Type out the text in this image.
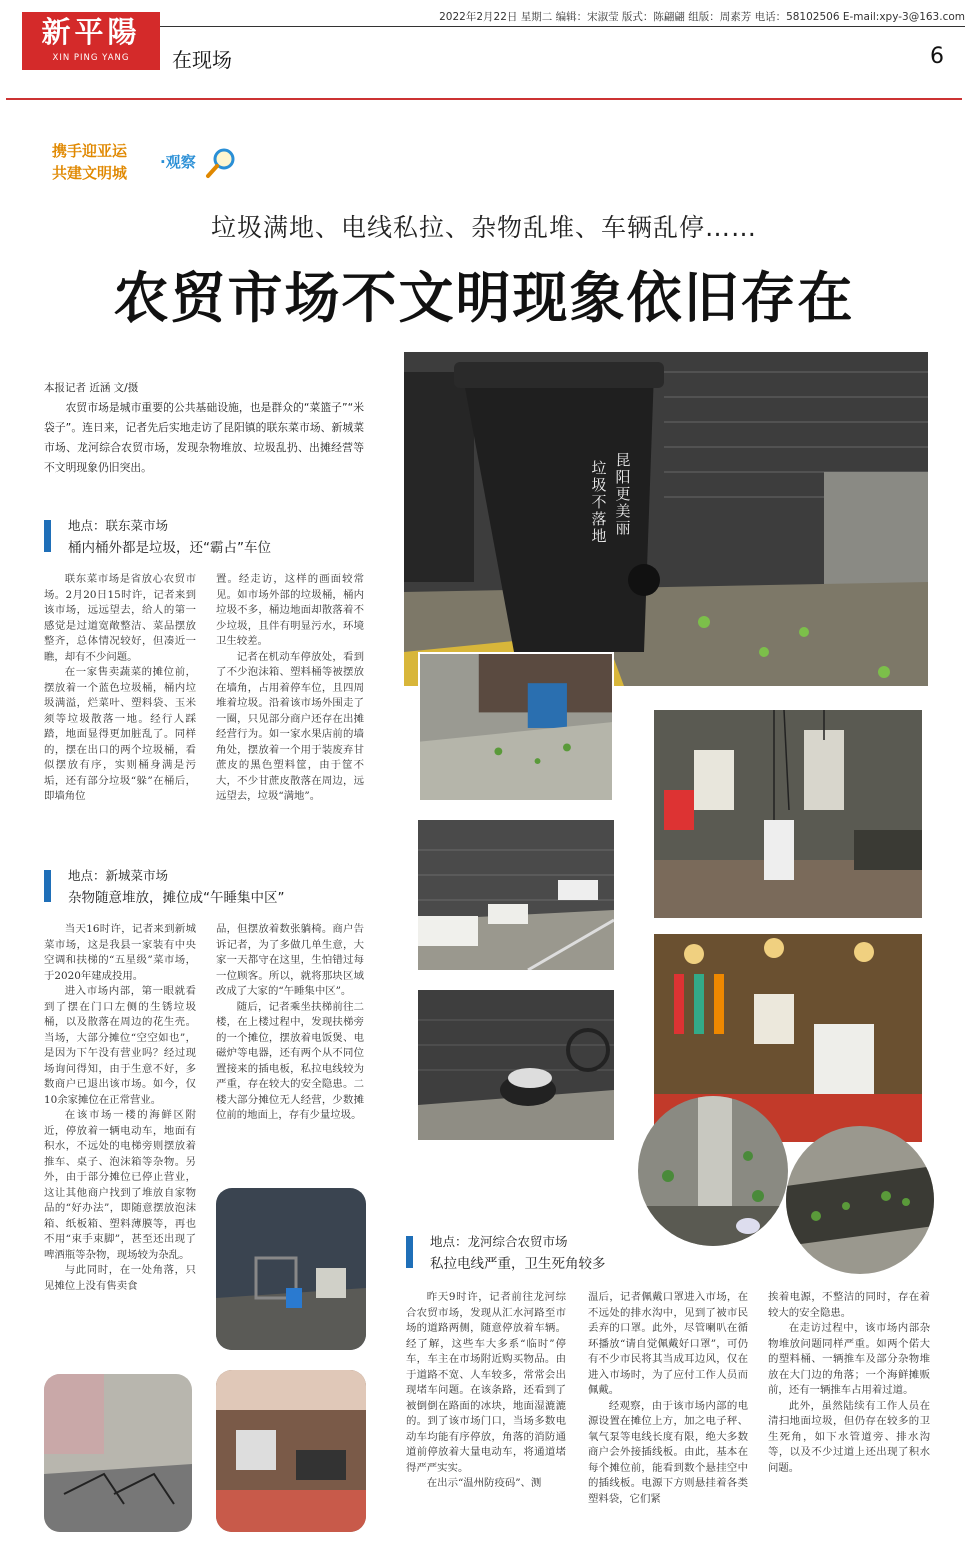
新平陽
XIN PING YANG
2022年2月22日 星期二 编辑：宋淑莹 版式：陈翩翩 组版：周素芳 电话：58102506 E-mail:xpy-3@163.com
在现场	6
携手迎亚运
共建文明城
·观察
垃圾满地、电线私拉、杂物乱堆、车辆乱停……
农贸市场不文明现象依旧存在
本报记者 近涵 文/摄
农贸市场是城市重要的公共基础设施，也是群众的“菜篮子”“米袋子”。连日来，记者先后实地走访了昆阳镇的联东菜市场、新城菜市场、龙河综合农贸市场，发现杂物堆放、垃圾乱扔、出摊经营等不文明现象仍旧突出。
地点：联东菜市场
桶内桶外都是垃圾，还“霸占”车位

联东菜市场是省放心农贸市场。2月20日15时许，记者来到该市场，远远望去，给人的第一感觉是过道宽敞整洁、菜品摆放整齐，总体情况较好，但凑近一瞧，却有不少问题。

在一家售卖蔬菜的摊位前，摆放着一个蓝色垃圾桶，桶内垃圾满溢，烂菜叶、塑料袋、玉米须等垃圾散落一地。经行人踩踏，地面显得更加脏乱了。同样的，摆在出口的两个垃圾桶，看似摆放有序，实则桶身满是污垢，还有部分垃圾“躲”在桶后，即墙角位

置。经走访，这样的画面较常见。如市场外部的垃圾桶，桶内垃圾不多，桶边地面却散落着不少垃圾，且伴有明显污水，环境卫生较差。

记者在机动车停放处，看到了不少泡沫箱、塑料桶等被摆放在墙角，占用着停车位，且四周堆着垃圾。沿着该市场外围走了一圈，只见部分商户还存在出摊经营行为。如一家水果店前的墙角处，摆放着一个用于装废弃甘蔗皮的黑色塑料筐，由于筐不大，不少甘蔗皮散落在周边，远远望去，垃圾“满地”。

地点：新城菜市场
杂物随意堆放，摊位成“午睡集中区”

当天16时许，记者来到新城菜市场，这是我县一家装有中央空调和扶梯的“五星级”菜市场，于2020年建成投用。

进入市场内部，第一眼就看到了摆在门口左侧的生锈垃圾桶，以及散落在周边的花生壳。当场，大部分摊位“空空如也”，是因为下午没有营业吗？经过现场询问得知，由于生意不好，多数商户已退出该市场。如今，仅10余家摊位在正常营业。

在该市场一楼的海鲜区附近，停放着一辆电动车，地面有积水，不远处的电梯旁则摆放着推车、桌子、泡沫箱等杂物。另外，由于部分摊位已停止营业，这让其他商户找到了堆放自家物品的“好办法”，即随意摆放泡沫箱、纸板箱、塑料薄膜等，再也不用“束手束脚”，甚至还出现了啤酒瓶等杂物，现场较为杂乱。

与此同时，在一处角落，只见摊位上没有售卖食

品，但摆放着数张躺椅。商户告诉记者，为了多做几单生意，大家一天都守在这里，生怕错过每一位顾客。所以，就将那块区域改成了大家的“午睡集中区”。

随后，记者乘坐扶梯前往二楼，在上楼过程中，发现扶梯旁的一个摊位，摆放着电饭煲、电磁炉等电器，还有两个从不同位置接来的插电板，私拉电线较为严重，存在较大的安全隐患。二楼大部分摊位无人经营，少数摊位前的地面上，存有少量垃圾。

地点：龙河综合农贸市场
私拉电线严重，卫生死角较多

昨天9时许，记者前往龙河综合农贸市场，发现从汇水河路至市场的道路两侧，随意停放着车辆。经了解，这些车大多系“临时”停车，车主在市场附近购买物品。由于道路不宽、人车较多，常常会出现堵车问题。在该条路，还看到了被倒倒在路面的冰块，地面湿漉漉的。到了该市场门口，当场多数电动车均能有序停放，角落的消防通道前停放着大量电动车，将通道堵得严严实实。

在出示“温州防疫码”、测

温后，记者佩戴口罩进入市场，在不远处的排水沟中，见到了被市民丢弃的口罩。此外，尽管喇叭在循环播放“请自觉佩戴好口罩”，可仍有不少市民将其当成耳边风，仅在进入市场时，为了应付工作人员而佩戴。

经观察，由于该市场内部的电源设置在摊位上方，加之电子秤、氧气泵等电线长度有限，绝大多数商户会外接插线板。由此，基本在每个摊位前，能看到数个悬挂空中的插线板。电源下方则悬挂着各类塑料袋，它们紧

挨着电源，不整洁的同时，存在着较大的安全隐患。

在走访过程中，该市场内部杂物堆放问题同样严重。如两个偌大的塑料桶、一辆推车及部分杂物堆放在大门边的角落；一个海鲜摊贩前，还有一辆推车占用着过道。

此外，虽然陆续有工作人员在清扫地面垃圾，但仍存在较多的卫生死角，如下水管道旁、排水沟等，以及不少过道上还出现了积水问题。

垃圾不落地
昆阳更美丽
